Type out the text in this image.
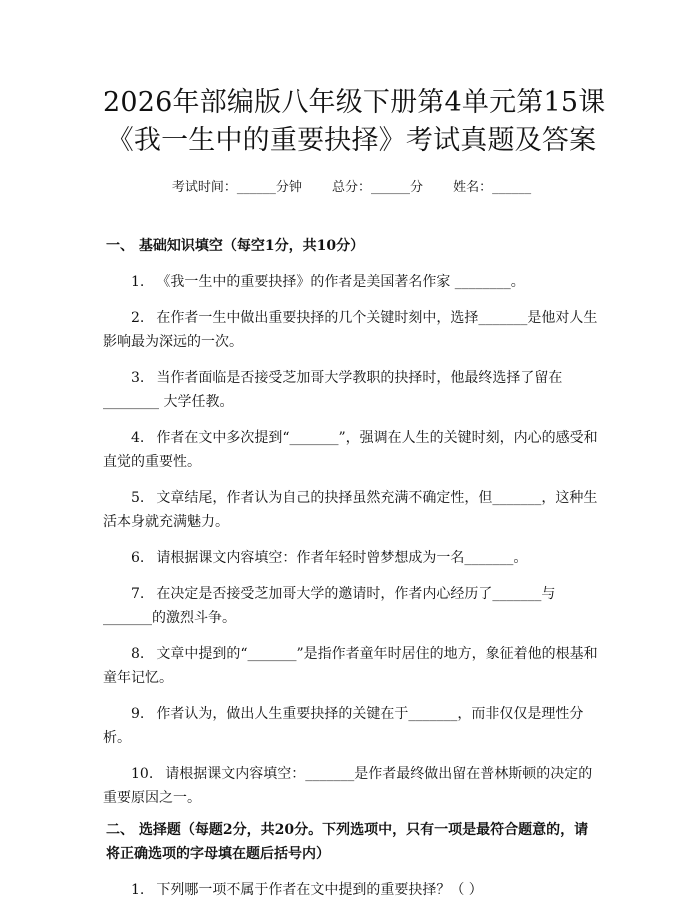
2026年部编版八年级下册第4单元第15课
《我一生中的重要抉择》考试真题及答案
考试时间：______分钟 总分：______分 姓名：______
一、 基础知识填空（每空1分，共10分）

1. 《我一生中的重要抉择》的作者是美国著名作家 ________。

2. 在作者一生中做出重要抉择的几个关键时刻中，选择_______是他对人生影响最为深远的一次。

3. 当作者面临是否接受芝加哥大学教职的抉择时，他最终选择了留在________ 大学任教。

4. 作者在文中多次提到“_______”，强调在人生的关键时刻，内心的感受和直觉的重要性。

5. 文章结尾，作者认为自己的抉择虽然充满不确定性，但_______，这种生活本身就充满魅力。

6. 请根据课文内容填空：作者年轻时曾梦想成为一名_______。

7. 在决定是否接受芝加哥大学的邀请时，作者内心经历了_______与_______的激烈斗争。

8. 文章中提到的“_______”是指作者童年时居住的地方，象征着他的根基和童年记忆。

9. 作者认为，做出人生重要抉择的关键在于_______，而非仅仅是理性分析。

10. 请根据课文内容填空：_______是作者最终做出留在普林斯顿的决定的重要原因之一。

二、 选择题（每题2分，共20分。下列选项中，只有一项是最符合题意的，请将正确选项的字母填在题后括号内）

1. 下列哪一项不属于作者在文中提到的重要抉择？（ ）
